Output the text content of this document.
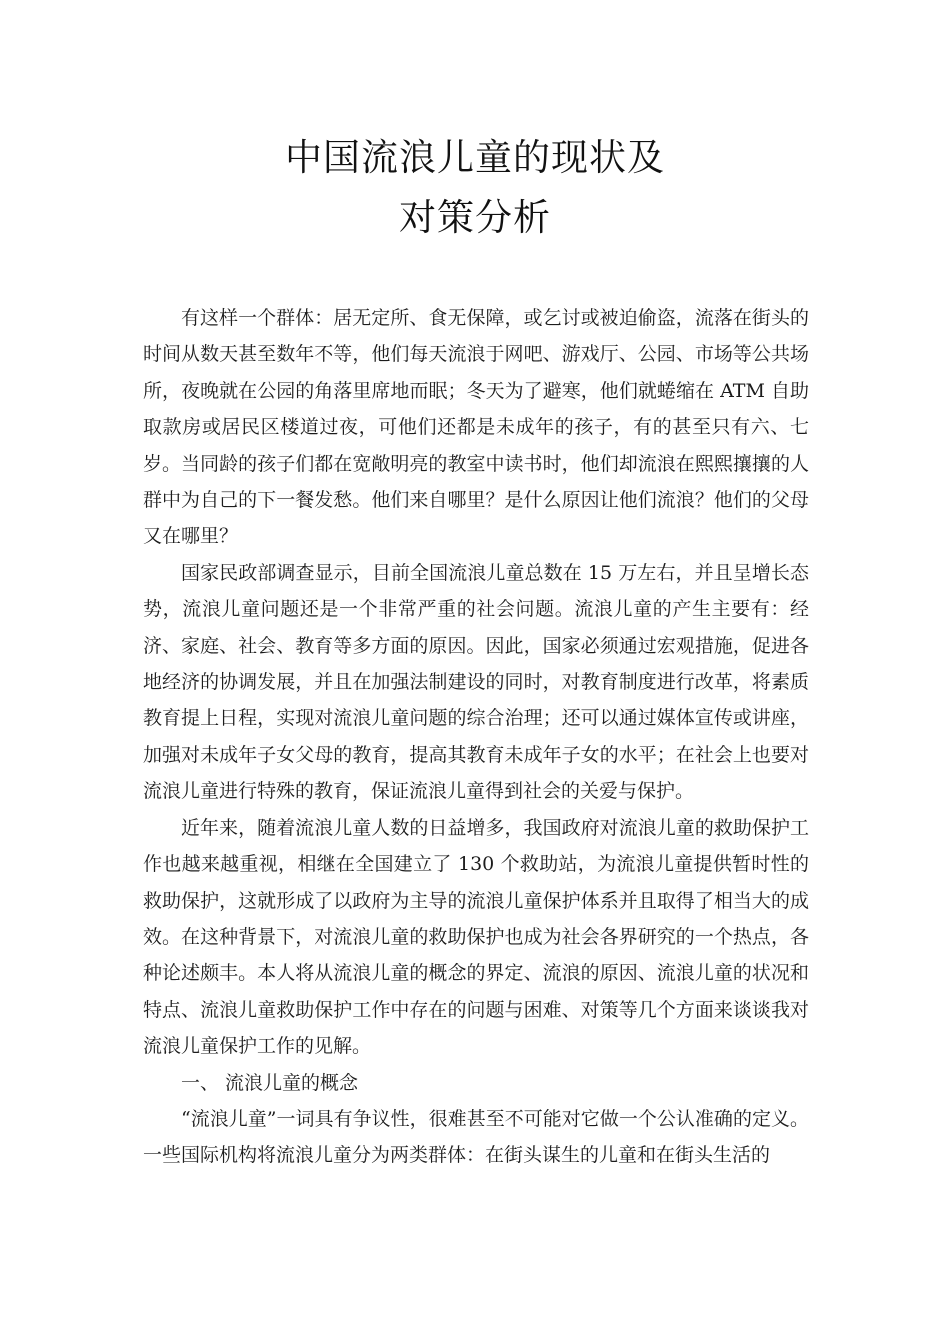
中国流浪儿童的现状及
对策分析

有这样一个群体：居无定所、食无保障，或乞讨或被迫偷盗，流落在街头的时间从数天甚至数年不等，他们每天流浪于网吧、游戏厅、公园、市场等公共场所，夜晚就在公园的角落里席地而眠；冬天为了避寒，他们就蜷缩在 ATM 自助取款房或居民区楼道过夜，可他们还都是未成年的孩子，有的甚至只有六、七岁。当同龄的孩子们都在宽敞明亮的教室中读书时，他们却流浪在熙熙攘攘的人群中为自己的下一餐发愁。他们来自哪里？是什么原因让他们流浪？他们的父母又在哪里？

国家民政部调查显示，目前全国流浪儿童总数在 15 万左右，并且呈增长态势，流浪儿童问题还是一个非常严重的社会问题。流浪儿童的产生主要有：经济、家庭、社会、教育等多方面的原因。因此，国家必须通过宏观措施，促进各地经济的协调发展，并且在加强法制建设的同时，对教育制度进行改革，将素质教育提上日程，实现对流浪儿童问题的综合治理；还可以通过媒体宣传或讲座，加强对未成年子女父母的教育，提高其教育未成年子女的水平；在社会上也要对流浪儿童进行特殊的教育，保证流浪儿童得到社会的关爱与保护。

近年来，随着流浪儿童人数的日益增多，我国政府对流浪儿童的救助保护工作也越来越重视，相继在全国建立了 130 个救助站，为流浪儿童提供暂时性的救助保护，这就形成了以政府为主导的流浪儿童保护体系并且取得了相当大的成效。在这种背景下，对流浪儿童的救助保护也成为社会各界研究的一个热点，各种论述颇丰。本人将从流浪儿童的概念的界定、流浪的原因、流浪儿童的状况和特点、流浪儿童救助保护工作中存在的问题与困难、对策等几个方面来谈谈我对流浪儿童保护工作的见解。

一、 流浪儿童的概念

“流浪儿童”一词具有争议性，很难甚至不可能对它做一个公认准确的定义。一些国际机构将流浪儿童分为两类群体：在街头谋生的儿童和在街头生活的
